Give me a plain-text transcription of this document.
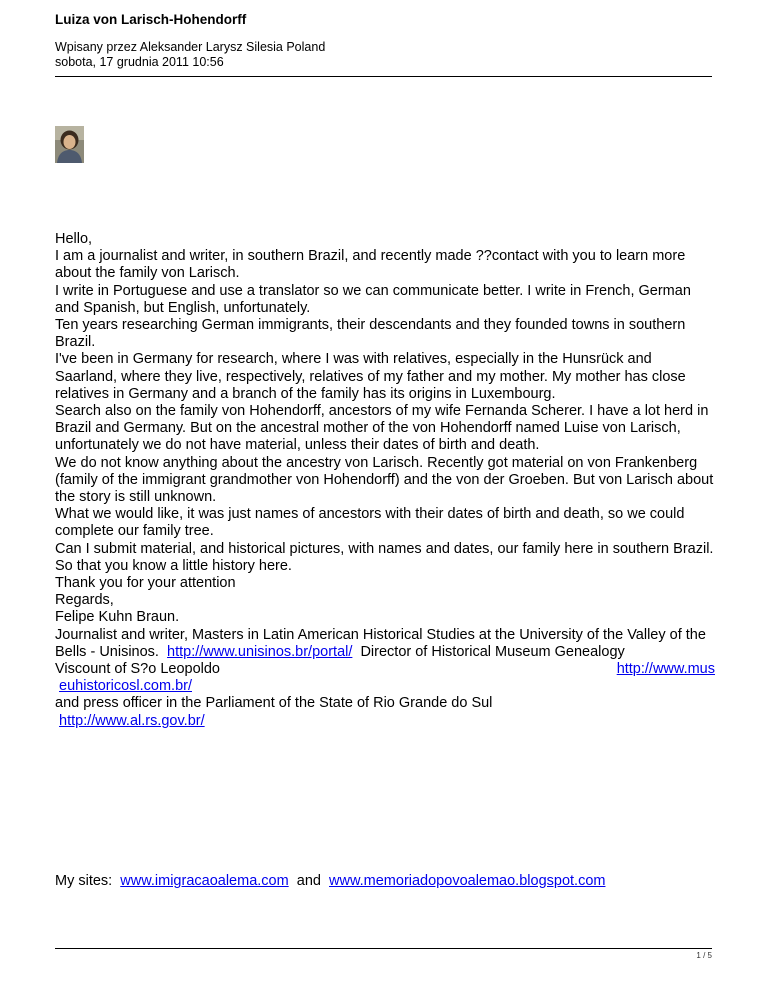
Luiza von Larisch-Hohendorff
Wpisany przez Aleksander Larysz Silesia Poland
sobota, 17 grudnia 2011 10:56

Hello,

I am a journalist and writer, in southern Brazil, and recently made ??contact with you to learn more about the family von Larisch.

I write in Portuguese and use a translator so we can communicate better. I write in French, German and Spanish, but English, unfortunately.

Ten years researching German immigrants, their descendants and they founded towns in southern Brazil.

I've been in Germany for research, where I was with relatives, especially in the Hunsrück and Saarland, where they live, respectively, relatives of my father and my mother. My mother has close relatives in Germany and a branch of the family has its origins in Luxembourg.

Search also on the family von Hohendorff, ancestors of my wife Fernanda Scherer. I have a lot herd in Brazil and Germany. But on the ancestral mother of the von Hohendorff named Luise von Larisch, unfortunately we do not have material, unless their dates of birth and death.

We do not know anything about the ancestry von Larisch. Recently got material on von Frankenberg (family of the immigrant grandmother von Hohendorff) and the von der Groeben. But von Larisch about the story is still unknown.

What we would like, it was just names of ancestors with their dates of birth and death, so we could complete our family tree.

Can I submit material, and historical pictures, with names and dates, our family here in southern Brazil. So that you know a little history here.

Thank you for your attention

Regards,

Felipe Kuhn Braun.

Journalist and writer, Masters in Latin American Historical Studies at the University of the Valley of the Bells - Unisinos. http://www.unisinos.br/portal/ Director of Historical Museum Genealogy

Viscount of S?o Leopoldo	http://www.mus

euhistoricosl.com.br/

and press officer in the Parliament of the State of Rio Grande do Sul

http://www.al.rs.gov.br/

My sites: www.imigracaoalema.com and www.memoriadopovoalemao.blogspot.com
1 / 5
